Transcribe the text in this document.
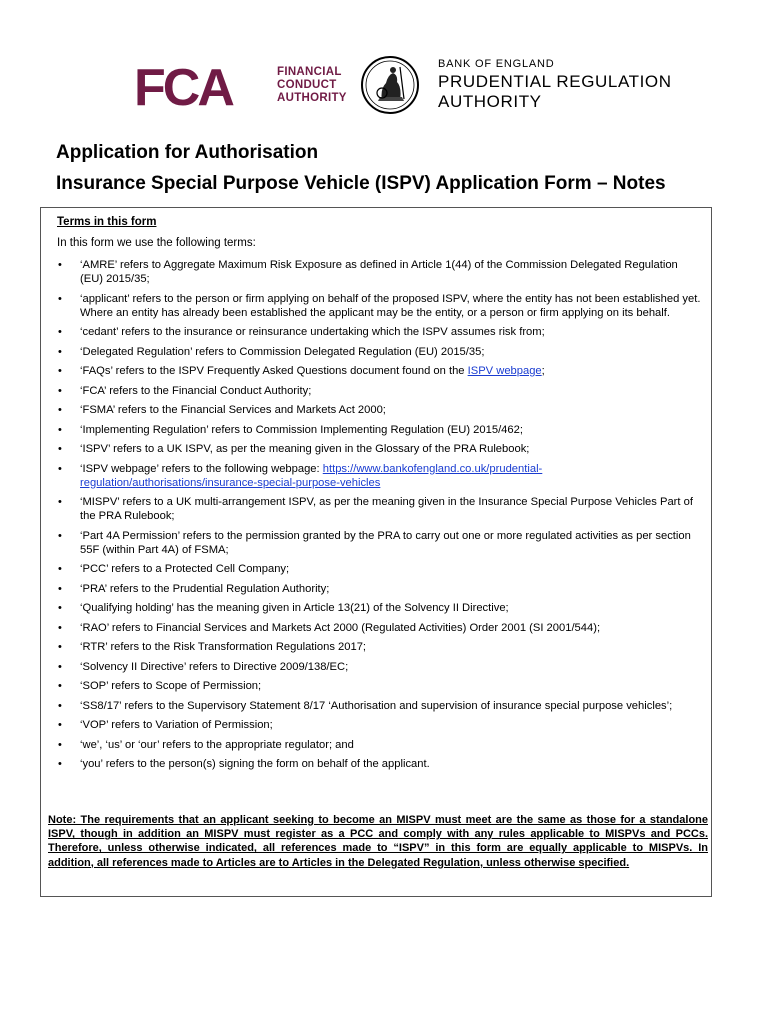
FCA	FINANCIAL
CONDUCT
AUTHORITY
BANK OF ENGLAND
PRUDENTIAL REGULATION
AUTHORITY
Application for Authorisation
Insurance Special Purpose Vehicle (ISPV) Application Form – Notes
Terms in this form
In this form we use the following terms:
• ‘AMRE’ refers to Aggregate Maximum Risk Exposure as defined in Article 1(44) of the Commission Delegated Regulation (EU) 2015/35;
• ‘applicant’ refers to the person or firm applying on behalf of the proposed ISPV, where the entity has not been established yet. Where an entity has already been established the applicant may be the entity, or a person or firm applying on its behalf.
• ‘cedant’ refers to the insurance or reinsurance undertaking which the ISPV assumes risk from;
• ‘Delegated Regulation’ refers to Commission Delegated Regulation (EU) 2015/35;
• ‘FAQs’ refers to the ISPV Frequently Asked Questions document found on the ISPV webpage;
• ‘FCA’ refers to the Financial Conduct Authority;
• ‘FSMA’ refers to the Financial Services and Markets Act 2000;
• ‘Implementing Regulation’ refers to Commission Implementing Regulation (EU) 2015/462;
• ‘ISPV’ refers to a UK ISPV, as per the meaning given in the Glossary of the PRA Rulebook;
• ‘ISPV webpage’ refers to the following webpage: https://www.bankofengland.co.uk/prudential-regulation/authorisations/insurance-special-purpose-vehicles
• ‘MISPV’ refers to a UK multi-arrangement ISPV, as per the meaning given in the Insurance Special Purpose Vehicles Part of the PRA Rulebook;
• ‘Part 4A Permission’ refers to the permission granted by the PRA to carry out one or more regulated activities as per section 55F (within Part 4A) of FSMA;
• ‘PCC’ refers to a Protected Cell Company;
• ‘PRA’ refers to the Prudential Regulation Authority;
• ‘Qualifying holding’ has the meaning given in Article 13(21) of the Solvency II Directive;
• ‘RAO’ refers to Financial Services and Markets Act 2000 (Regulated Activities) Order 2001 (SI 2001/544);
• ‘RTR’ refers to the Risk Transformation Regulations 2017;
• ‘Solvency II Directive’ refers to Directive 2009/138/EC;
• ‘SOP’ refers to Scope of Permission;
• ‘SS8/17’ refers to the Supervisory Statement 8/17 ‘Authorisation and supervision of insurance special purpose vehicles’;
• ‘VOP’ refers to Variation of Permission;
• ‘we’, ‘us’ or ‘our’ refers to the appropriate regulator; and
• ‘you’ refers to the person(s) signing the form on behalf of the applicant.
Note: The requirements that an applicant seeking to become an MISPV must meet are the same as those for a standalone ISPV, though in addition an MISPV must register as a PCC and comply with any rules applicable to MISPVs and PCCs. Therefore, unless otherwise indicated, all references made to “ISPV” in this form are equally applicable to MISPVs. In addition, all references made to Articles are to Articles in the Delegated Regulation, unless otherwise specified.
